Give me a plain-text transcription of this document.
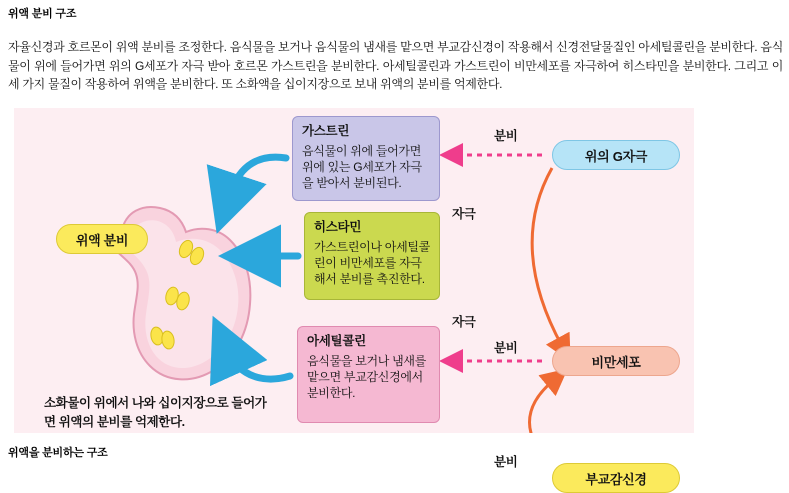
위액 분비 구조
자율신경과 호르몬이 위액 분비를 조정한다. 음식물을 보거나 음식물의 냄새를 맡으면 부교감신경이 작용해서 신경전달물질인 아세틸콜린을 분비한다. 음식물이 위에 들어가면 위의 G세포가 자극 받아 호르몬 가스트린을 분비한다. 아세틸콜린과 가스트린이 비만세포를 자극하여 히스타민을 분비한다. 그리고 이 세 가지 물질이 작용하여 위액을 분비한다. 또 소화액을 십이지장으로 보내 위액의 분비를 억제한다.
위액 분비
가스트린
음식물이 위에 들어가면 위에 있는 G세포가 자극을 받아서 분비된다.
히스타민
가스트린이나 아세틸콜린이 비만세포를 자극해서 분비를 촉진한다.
아세틸콜린
음식물을 보거나 냄새를 맡으면 부교감신경에서 분비한다.
위의 G자극
비만세포
부교감신경
분비
분비
분비
자극
자극
소화물이 위에서 나와 십이지장으로 들어가면 위액의 분비를 억제한다.
위액을 분비하는 구조
